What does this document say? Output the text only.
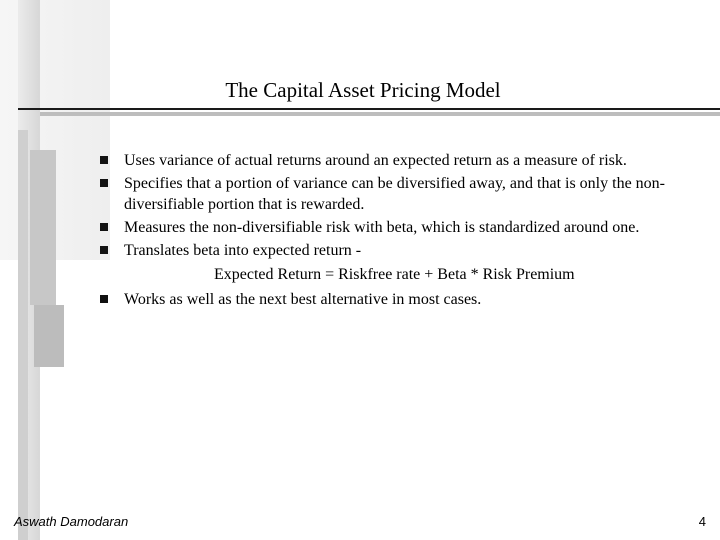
The Capital Asset Pricing Model
Uses variance of actual returns around an expected return as a measure of risk.
Specifies that a portion of variance can be diversified away, and that is only the non-diversifiable portion that is rewarded.
Measures the non-diversifiable risk with beta, which is standardized around one.
Translates beta into expected return -
Expected Return = Riskfree rate + Beta * Risk Premium
Works as well as the next best alternative in most cases.
Aswath Damodaran	4
